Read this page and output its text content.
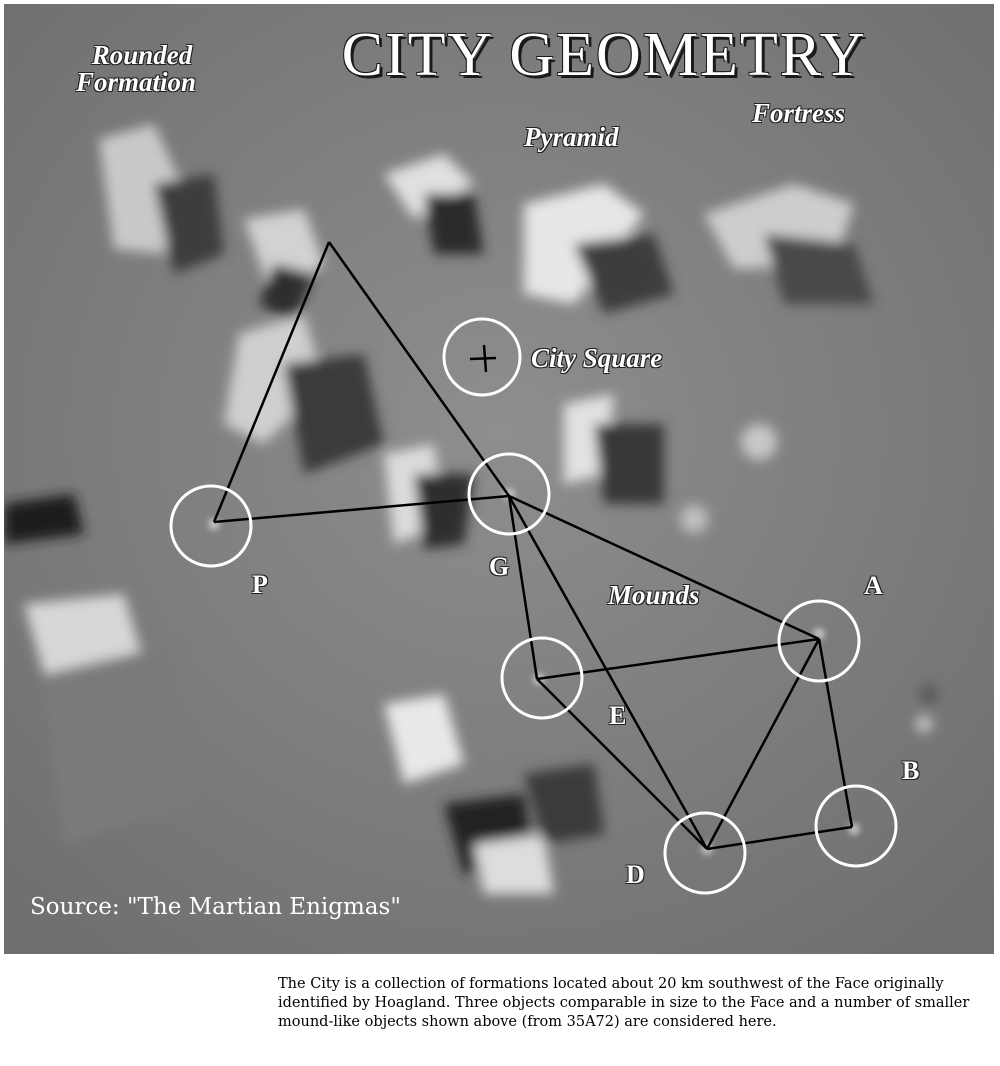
CITY GEOMETRY
Rounded
Formation
Pyramid
Fortress
City Square
Mounds
P
G
A
E
B
D
Source: "The Martian Enigmas"
The City is a collection of formations located about 20 km southwest of the Face originally identified by Hoagland. Three objects comparable in size to the Face and a number of smaller mound-like objects shown above (from 35A72) are considered here.
